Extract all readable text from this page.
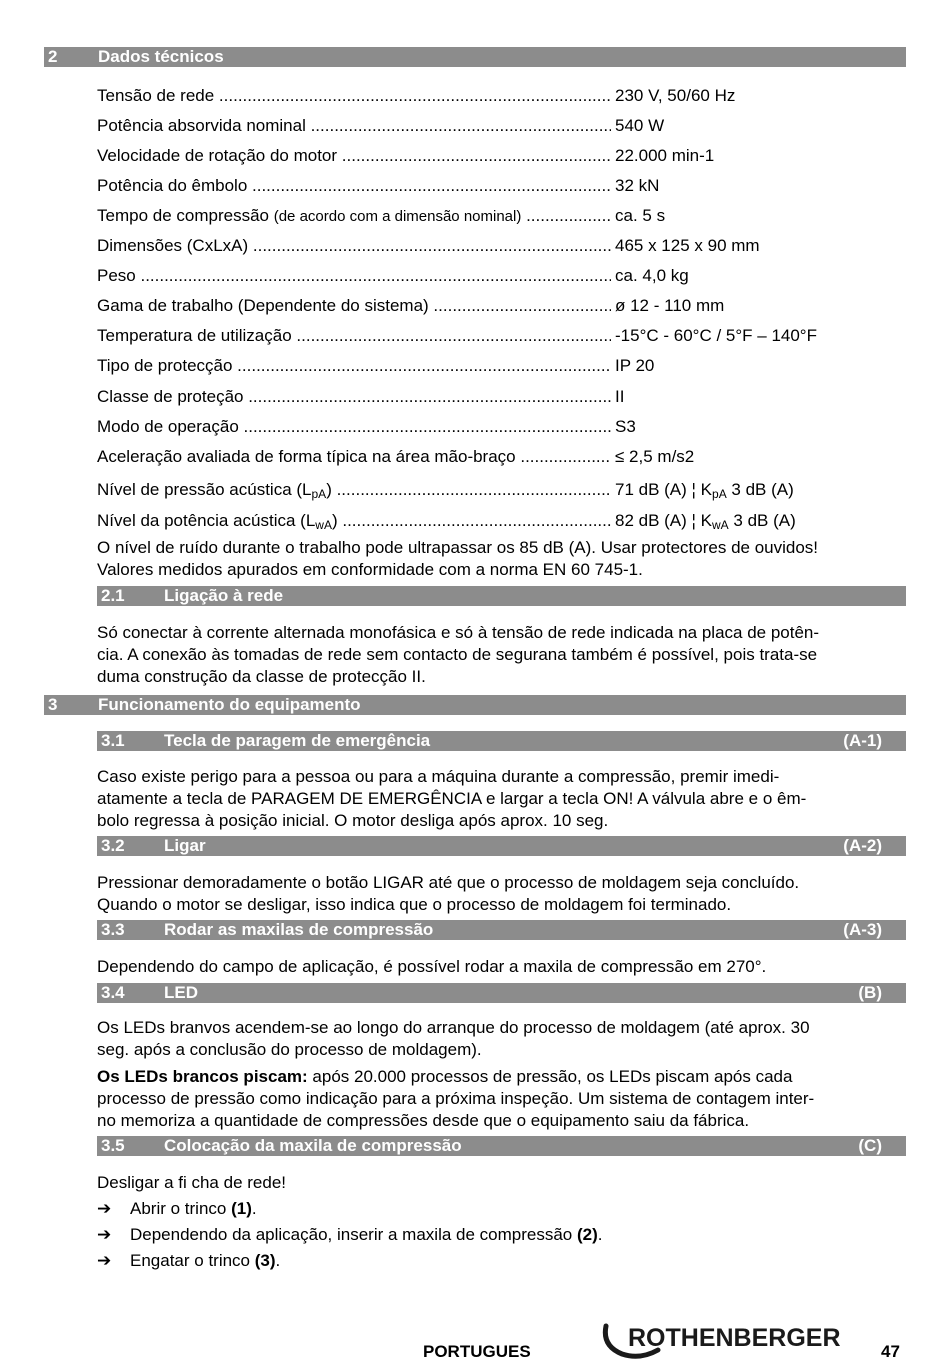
2 Dados técnicos
Tensão de rede .....	230 V, 50/60 Hz
Potência absorvida nominal .....	540 W
Velocidade de rotação do motor .....	22.000 min-1
Potência do êmbolo .....	32 kN
Tempo de compressão (de acordo com a dimensão nominal) .....	ca. 5 s
Dimensões (CxLxA) .....	465 x 125 x 90 mm
Peso .....	ca. 4,0 kg
Gama de trabalho (Dependente do sistema) .....	ø 12 - 110 mm
Temperatura de utilização .....	-15°C - 60°C / 5°F – 140°F
Tipo de protecção .....	IP 20
Classe de proteção .....	II
Modo de operação .....	S3
Aceleração avaliada de forma típica na área mão-braço .....	≤ 2,5 m/s2
Nível de pressão acústica $(L_{pA})$ .....	71 dB (A) ¦ $K_{pA}$ 3 dB (A)
Nível da potência acústica $(L_{wA})$ .....	82 dB (A) ¦ $K_{wA}$ 3 dB (A)
O nível de ruído durante o trabalho pode ultrapassar os 85 dB (A). Usar protectores de ouvidos!
Valores medidos apurados em conformidade com a norma EN 60 745-1.
2.1 Ligação à rede
Só conectar à corrente alternada monofásica e só à tensão de rede indicada na placa de potên-
cia. A conexão às tomadas de rede sem contacto de segurana também é possível, pois trata-se
duma construção da classe de protecção II.
3 Funcionamento do equipamento
3.1 Tecla de paragem de emergência	(A-1)
Caso existe perigo para a pessoa ou para a máquina durante a compressão, premir imedi-
atamente a tecla de PARAGEM DE EMERGÊNCIA e largar a tecla ON! A válvula abre e o êm-
bolo regressa à posição inicial. O motor desliga após aprox. 10 seg.
3.2 Ligar	(A-2)
Pressionar demoradamente o botão LIGAR até que o processo de moldagem seja concluído.
Quando o motor se desligar, isso indica que o processo de moldagem foi terminado.
3.3 Rodar as maxilas de compressão	(A-3)
Dependendo do campo de aplicação, é possível rodar a maxila de compressão em 270°.
3.4 LED	(B)
Os LEDs branvos acendem-se ao longo do arranque do processo de moldagem (até aprox. 30
seg. após a conclusão do processo de moldagem).
Os LEDs brancos piscam: após 20.000 processos de pressão, os LEDs piscam após cada
processo de pressão como indicação para a próxima inspeção. Um sistema de contagem inter-
no memoriza a quantidade de compressões desde que o equipamento saiu da fábrica.
3.5 Colocação da maxila de compressão	(C)
Desligar a fi cha de rede!
➔ Abrir o trinco (1).
➔ Dependendo da aplicação, inserir a maxila de compressão (2).
➔ Engatar o trinco (3).
PORTUGUES	ROTHENBERGER 47
